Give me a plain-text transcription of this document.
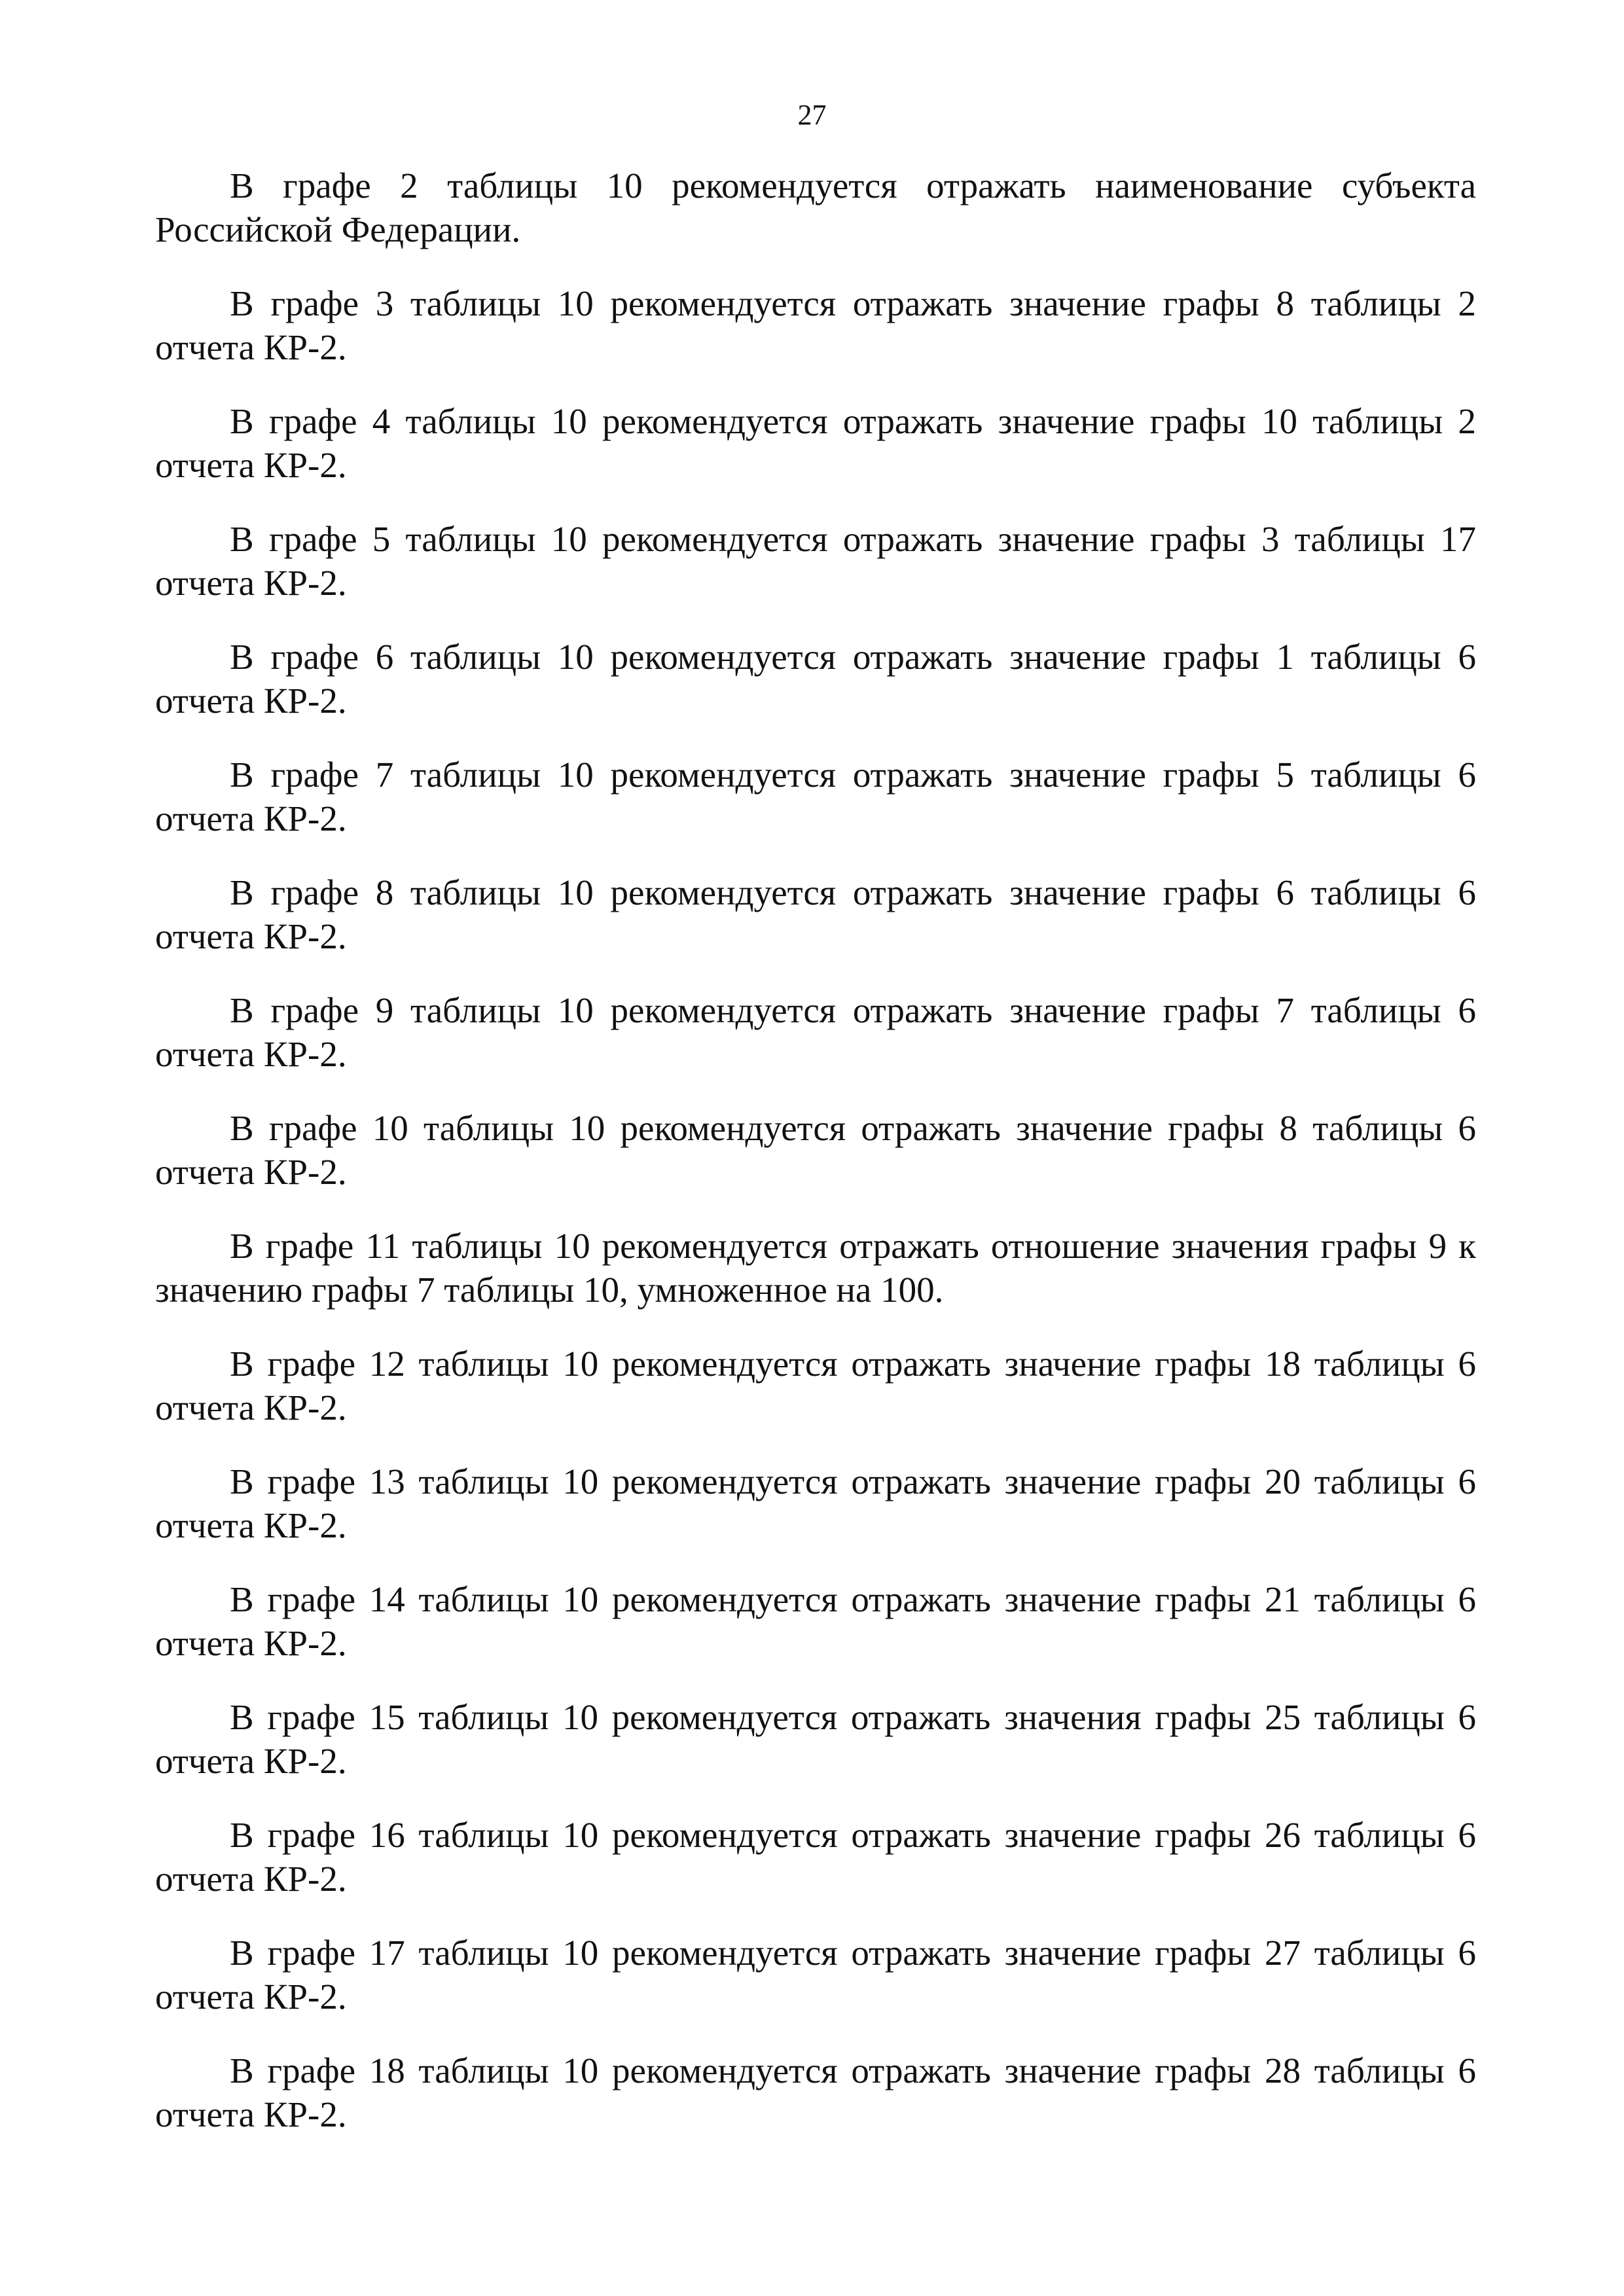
27

В графе 2 таблицы 10 рекомендуется отражать наименование субъекта Российской Федерации.

В графе 3 таблицы 10 рекомендуется отражать значение графы 8 таблицы 2 отчета КР-2.

В графе 4 таблицы 10 рекомендуется отражать значение графы 10 таблицы 2 отчета КР-2.

В графе 5 таблицы 10 рекомендуется отражать значение графы 3 таблицы 17 отчета КР-2.

В графе 6 таблицы 10 рекомендуется отражать значение графы 1 таблицы 6 отчета КР-2.

В графе 7 таблицы 10 рекомендуется отражать значение графы 5 таблицы 6 отчета КР-2.

В графе 8 таблицы 10 рекомендуется отражать значение графы 6 таблицы 6 отчета КР-2.

В графе 9 таблицы 10 рекомендуется отражать значение графы 7 таблицы 6 отчета КР-2.

В графе 10 таблицы 10 рекомендуется отражать значение графы 8 таблицы 6 отчета КР-2.

В графе 11 таблицы 10 рекомендуется отражать отношение значения графы 9 к значению графы 7 таблицы 10, умноженное на 100.

В графе 12 таблицы 10 рекомендуется отражать значение графы 18 таблицы 6 отчета КР-2.

В графе 13 таблицы 10 рекомендуется отражать значение графы 20 таблицы 6 отчета КР-2.

В графе 14 таблицы 10 рекомендуется отражать значение графы 21 таблицы 6 отчета КР-2.

В графе 15 таблицы 10 рекомендуется отражать значения графы 25 таблицы 6 отчета КР-2.

В графе 16 таблицы 10 рекомендуется отражать значение графы 26 таблицы 6 отчета КР-2.

В графе 17 таблицы 10 рекомендуется отражать значение графы 27 таблицы 6 отчета КР-2.

В графе 18 таблицы 10 рекомендуется отражать значение графы 28 таблицы 6 отчета КР-2.
